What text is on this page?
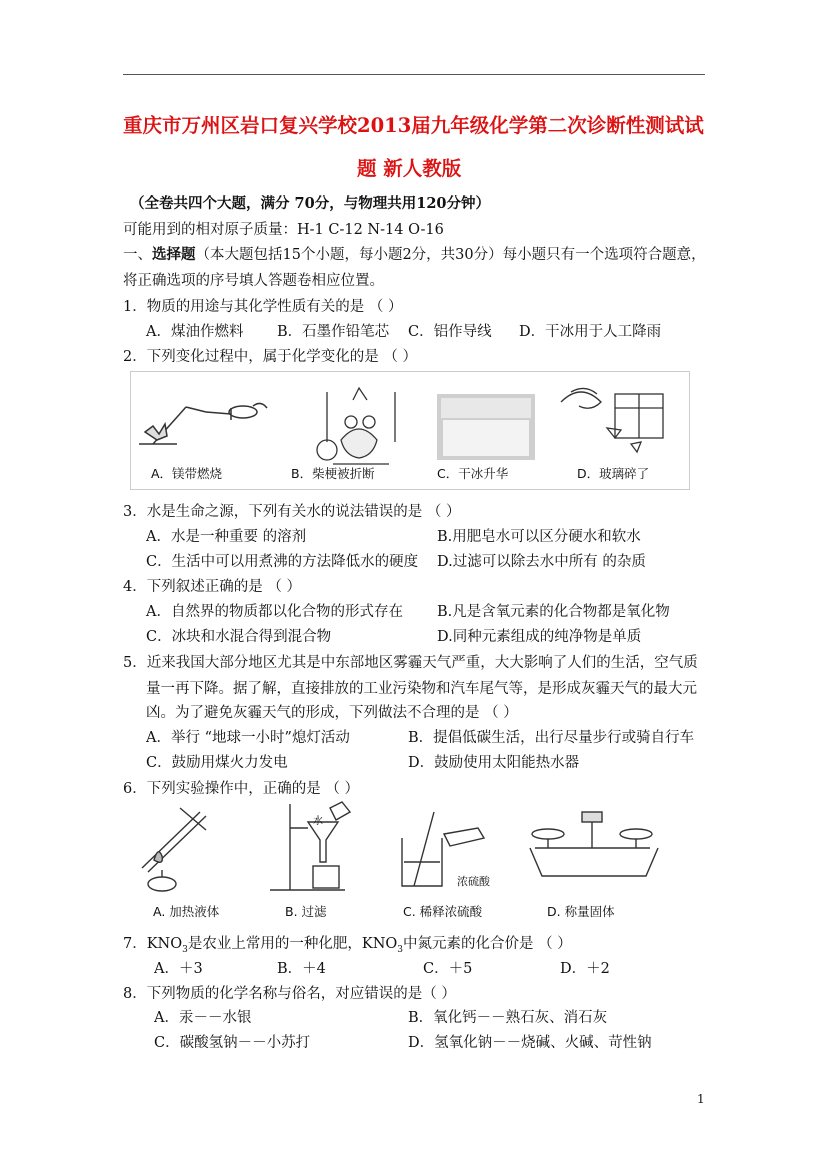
重庆市万州区岩口复兴学校2013届九年级化学第二次诊断性测试试
题 新人教版
（全卷共四个大题，满分 70分，与物理共用120分钟）
可能用到的相对原子质量：H-1 C-12 N-14 O-16
一、选择题（本大题包括15个小题，每小题2分，共30分）每小题只有一个选项符合题意，
将正确选项的序号填人答题卷相应位置。
1．物质的用途与其化学性质有关的是 （ ）
A．煤油作燃料 B．石墨作铅笔芯 C．铝作导线 D．干冰用于人工降雨
2．下列变化过程中，属于化学变化的是 （ ）
A．镁带燃烧	B．柴梗被折断	C．干冰升华	D．玻璃碎了
3．水是生命之源，下列有关水的说法错误的是 （ ）
A．水是一种重要 的溶剂	B.用肥皂水可以区分硬水和软水
C．生活中可以用煮沸的方法降低水的硬度 D.过滤可以除去水中所有 的杂质
4．下列叙述正确的是 （ ）
A．自然界的物质都以化合物的形式存在 B.凡是含氧元素的化合物都是氧化物
C．冰块和水混合得到混合物	D.同种元素组成的纯净物是单质
5．近来我国大部分地区尤其是中东部地区雾霾天气严重，大大影响了人们的生活，空气质
量一再下降。据了解，直接排放的工业污染物和汽车尾气等，是形成灰霾天气的最大元
凶。为了避免灰霾天气的形成，下列做法不合理的是 （ ）
A．举行 “地球一小时”熄灯活动	B．提倡低碳生活，出行尽量步行或骑自行车
C．鼓励用煤火力发电	D．鼓励使用太阳能热水器
6．下列实验操作中，正确的是 （ ）
水
浓硫酸
A. 加热液体	B. 过滤	C. 稀释浓硫酸	D. 称量固体
7．$KNO_3$是农业上常用的一种化肥，$KNO_3$中氮元素的化合价是 （ ）
A．＋3	B．＋4	C．＋5	D．＋2
8．下列物质的化学名称与俗名，对应错误的是（ ）
A．汞－－水银	B．氧化钙－－熟石灰、消石灰
C．碳酸氢钠－－小苏打	D．氢氧化钠－－烧碱、火碱、苛性钠
1
